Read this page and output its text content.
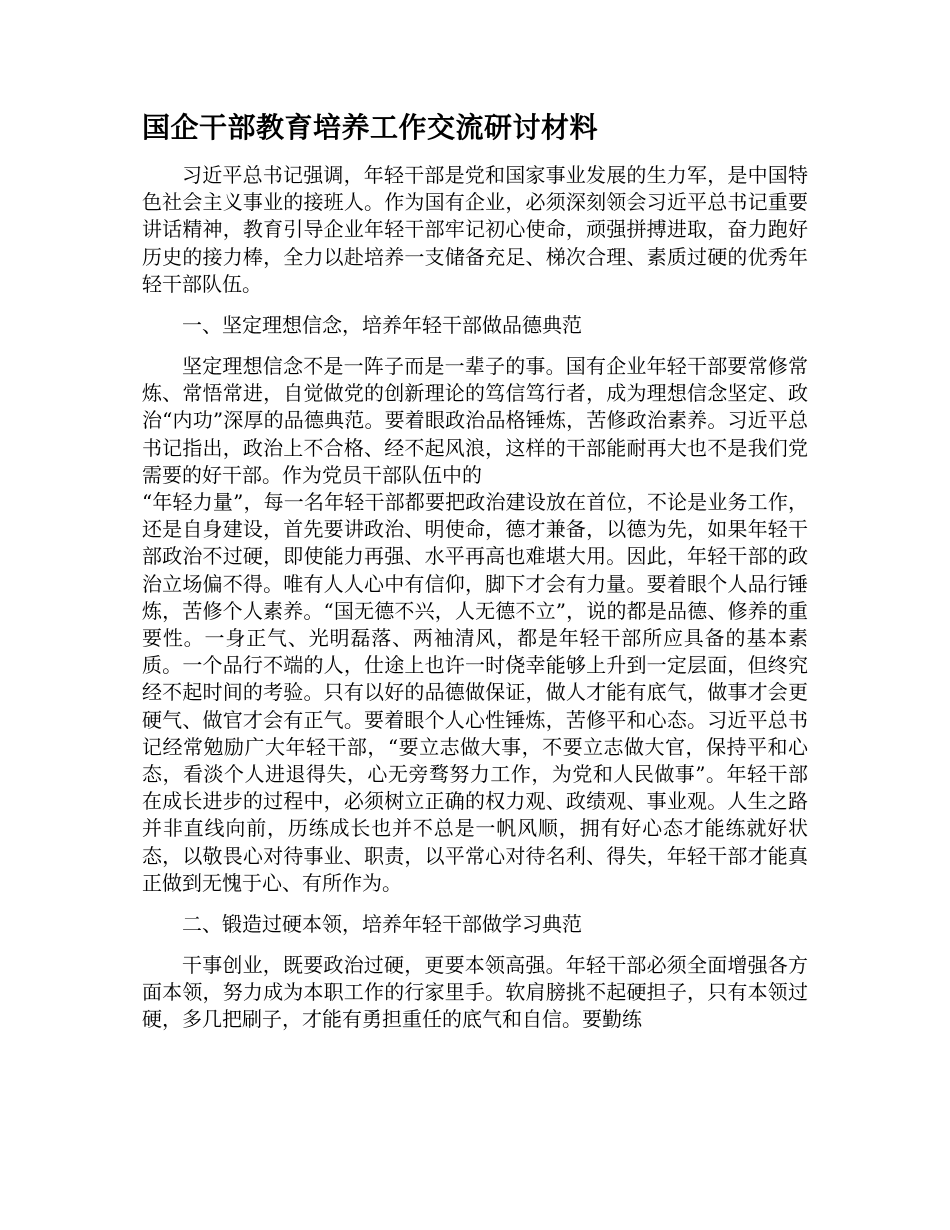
国企干部教育培养工作交流研讨材料

习近平总书记强调，年轻干部是党和国家事业发展的生力军，是中国特色社会主义事业的接班人。作为国有企业，必须深刻领会习近平总书记重要讲话精神，教育引导企业年轻干部牢记初心使命，顽强拼搏进取，奋力跑好历史的接力棒，全力以赴培养一支储备充足、梯次合理、素质过硬的优秀年轻干部队伍。

一、坚定理想信念，培养年轻干部做品德典范

坚定理想信念不是一阵子而是一辈子的事。国有企业年轻干部要常修常炼、常悟常进，自觉做党的创新理论的笃信笃行者，成为理想信念坚定、政治“内功”深厚的品德典范。要着眼政治品格锤炼，苦修政治素养。习近平总书记指出，政治上不合格、经不起风浪，这样的干部能耐再大也不是我们党需要的好干部。作为党员干部队伍中的
“年轻力量”，每一名年轻干部都要把政治建设放在首位，不论是业务工作，还是自身建设，首先要讲政治、明使命，德才兼备，以德为先，如果年轻干部政治不过硬，即使能力再强、水平再高也难堪大用。因此，年轻干部的政治立场偏不得。唯有人人心中有信仰，脚下才会有力量。要着眼个人品行锤炼，苦修个人素养。“国无德不兴，人无德不立”，说的都是品德、修养的重要性。一身正气、光明磊落、两袖清风，都是年轻干部所应具备的基本素质。一个品行不端的人，仕途上也许一时侥幸能够上升到一定层面，但终究经不起时间的考验。只有以好的品德做保证，做人才能有底气，做事才会更硬气、做官才会有正气。要着眼个人心性锤炼，苦修平和心态。习近平总书记经常勉励广大年轻干部，“要立志做大事，不要立志做大官，保持平和心态，看淡个人进退得失，心无旁骛努力工作，为党和人民做事”。年轻干部在成长进步的过程中，必须树立正确的权力观、政绩观、事业观。人生之路并非直线向前，历练成长也并不总是一帆风顺，拥有好心态才能练就好状态，以敬畏心对待事业、职责，以平常心对待名利、得失，年轻干部才能真正做到无愧于心、有所作为。

二、锻造过硬本领，培养年轻干部做学习典范

干事创业，既要政治过硬，更要本领高强。年轻干部必须全面增强各方面本领，努力成为本职工作的行家里手。软肩膀挑不起硬担子，只有本领过硬，多几把刷子，才能有勇担重任的底气和自信。要勤练
